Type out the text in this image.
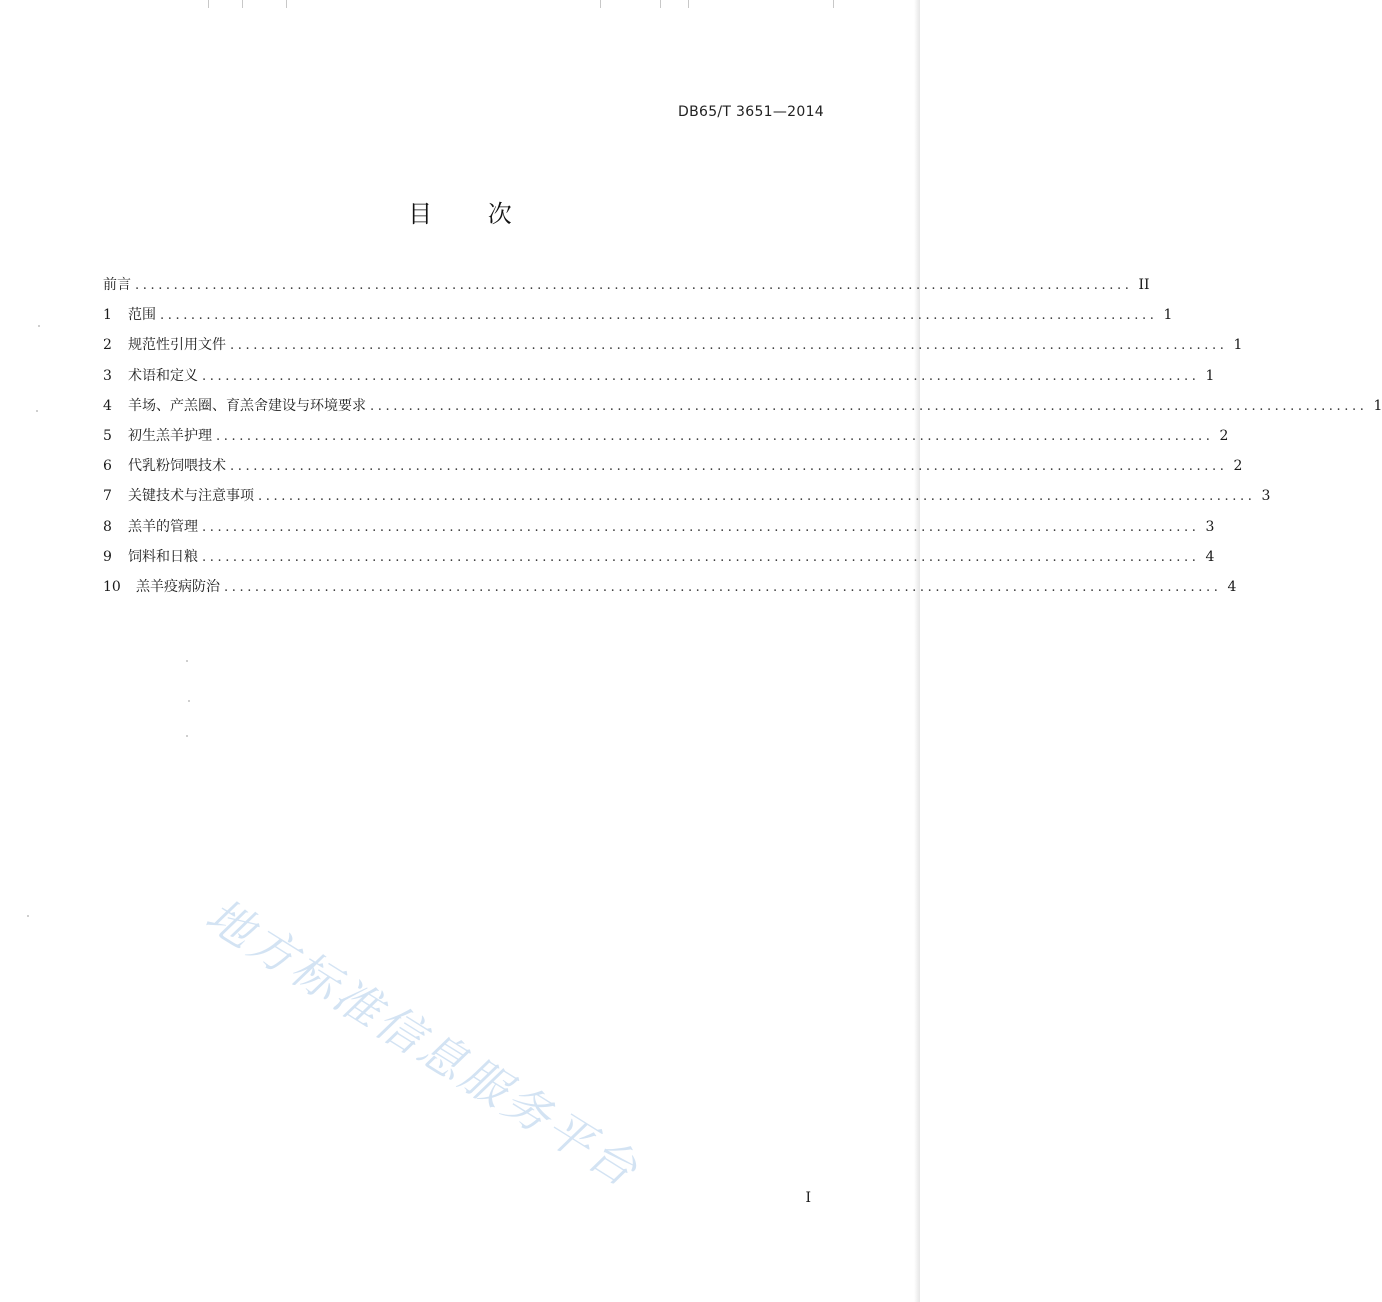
DB65/T 3651—2014
目 次
前言 ................................................................................................................................. II
1	范围 ................................................................................................................................. 1
2	规范性引用文件 ................................................................................................................................. 1
3	术语和定义 ................................................................................................................................. 1
4	羊场、产羔圈、育羔舍建设与环境要求 ................................................................................................................................. 1
5	初生羔羊护理 ................................................................................................................................. 2
6	代乳粉饲喂技术 ................................................................................................................................. 2
7	关键技术与注意事项 ................................................................................................................................. 3
8	羔羊的管理 ................................................................................................................................. 3
9	饲料和日粮 ................................................................................................................................. 4
10	羔羊疫病防治 ................................................................................................................................. 4
地方标准信息服务平台	I
